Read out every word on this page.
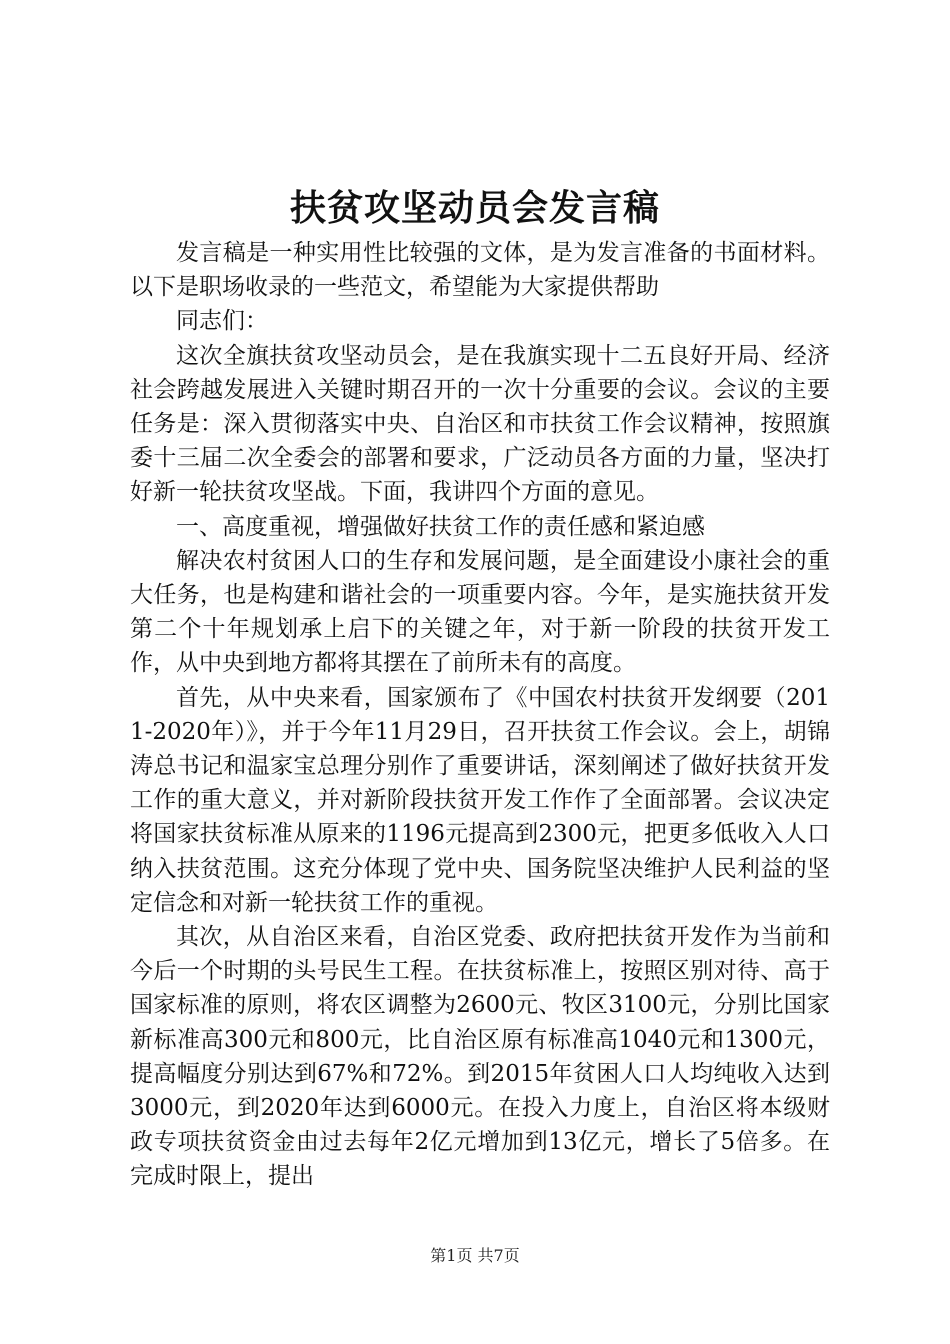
扶贫攻坚动员会发言稿

发言稿是一种实用性比较强的文体，是为发言准备的书面材料。以下是职场收录的一些范文，希望能为大家提供帮助

同志们：

这次全旗扶贫攻坚动员会，是在我旗实现十二五良好开局、经济社会跨越发展进入关键时期召开的一次十分重要的会议。会议的主要任务是：深入贯彻落实中央、自治区和市扶贫工作会议精神，按照旗委十三届二次全委会的部署和要求，广泛动员各方面的力量，坚决打好新一轮扶贫攻坚战。下面，我讲四个方面的意见。

一、高度重视，增强做好扶贫工作的责任感和紧迫感

解决农村贫困人口的生存和发展问题，是全面建设小康社会的重大任务，也是构建和谐社会的一项重要内容。今年，是实施扶贫开发第二个十年规划承上启下的关键之年，对于新一阶段的扶贫开发工作，从中央到地方都将其摆在了前所未有的高度。

首先，从中央来看，国家颁布了《中国农村扶贫开发纲要（2011-2020年）》，并于今年11月29日，召开扶贫工作会议。会上，胡锦涛总书记和温家宝总理分别作了重要讲话，深刻阐述了做好扶贫开发工作的重大意义，并对新阶段扶贫开发工作作了全面部署。会议决定将国家扶贫标准从原来的1196元提高到2300元，把更多低收入人口纳入扶贫范围。这充分体现了党中央、国务院坚决维护人民利益的坚定信念和对新一轮扶贫工作的重视。

其次，从自治区来看，自治区党委、政府把扶贫开发作为当前和今后一个时期的头号民生工程。在扶贫标准上，按照区别对待、高于国家标准的原则，将农区调整为2600元、牧区3100元，分别比国家新标准高300元和800元，比自治区原有标准高1040元和1300元，提高幅度分别达到67%和72%。到2015年贫困人口人均纯收入达到3000元，到2020年达到6000元。在投入力度上，自治区将本级财政专项扶贫资金由过去每年2亿元增加到13亿元，增长了5倍多。在完成时限上，提出

第1页 共7页
